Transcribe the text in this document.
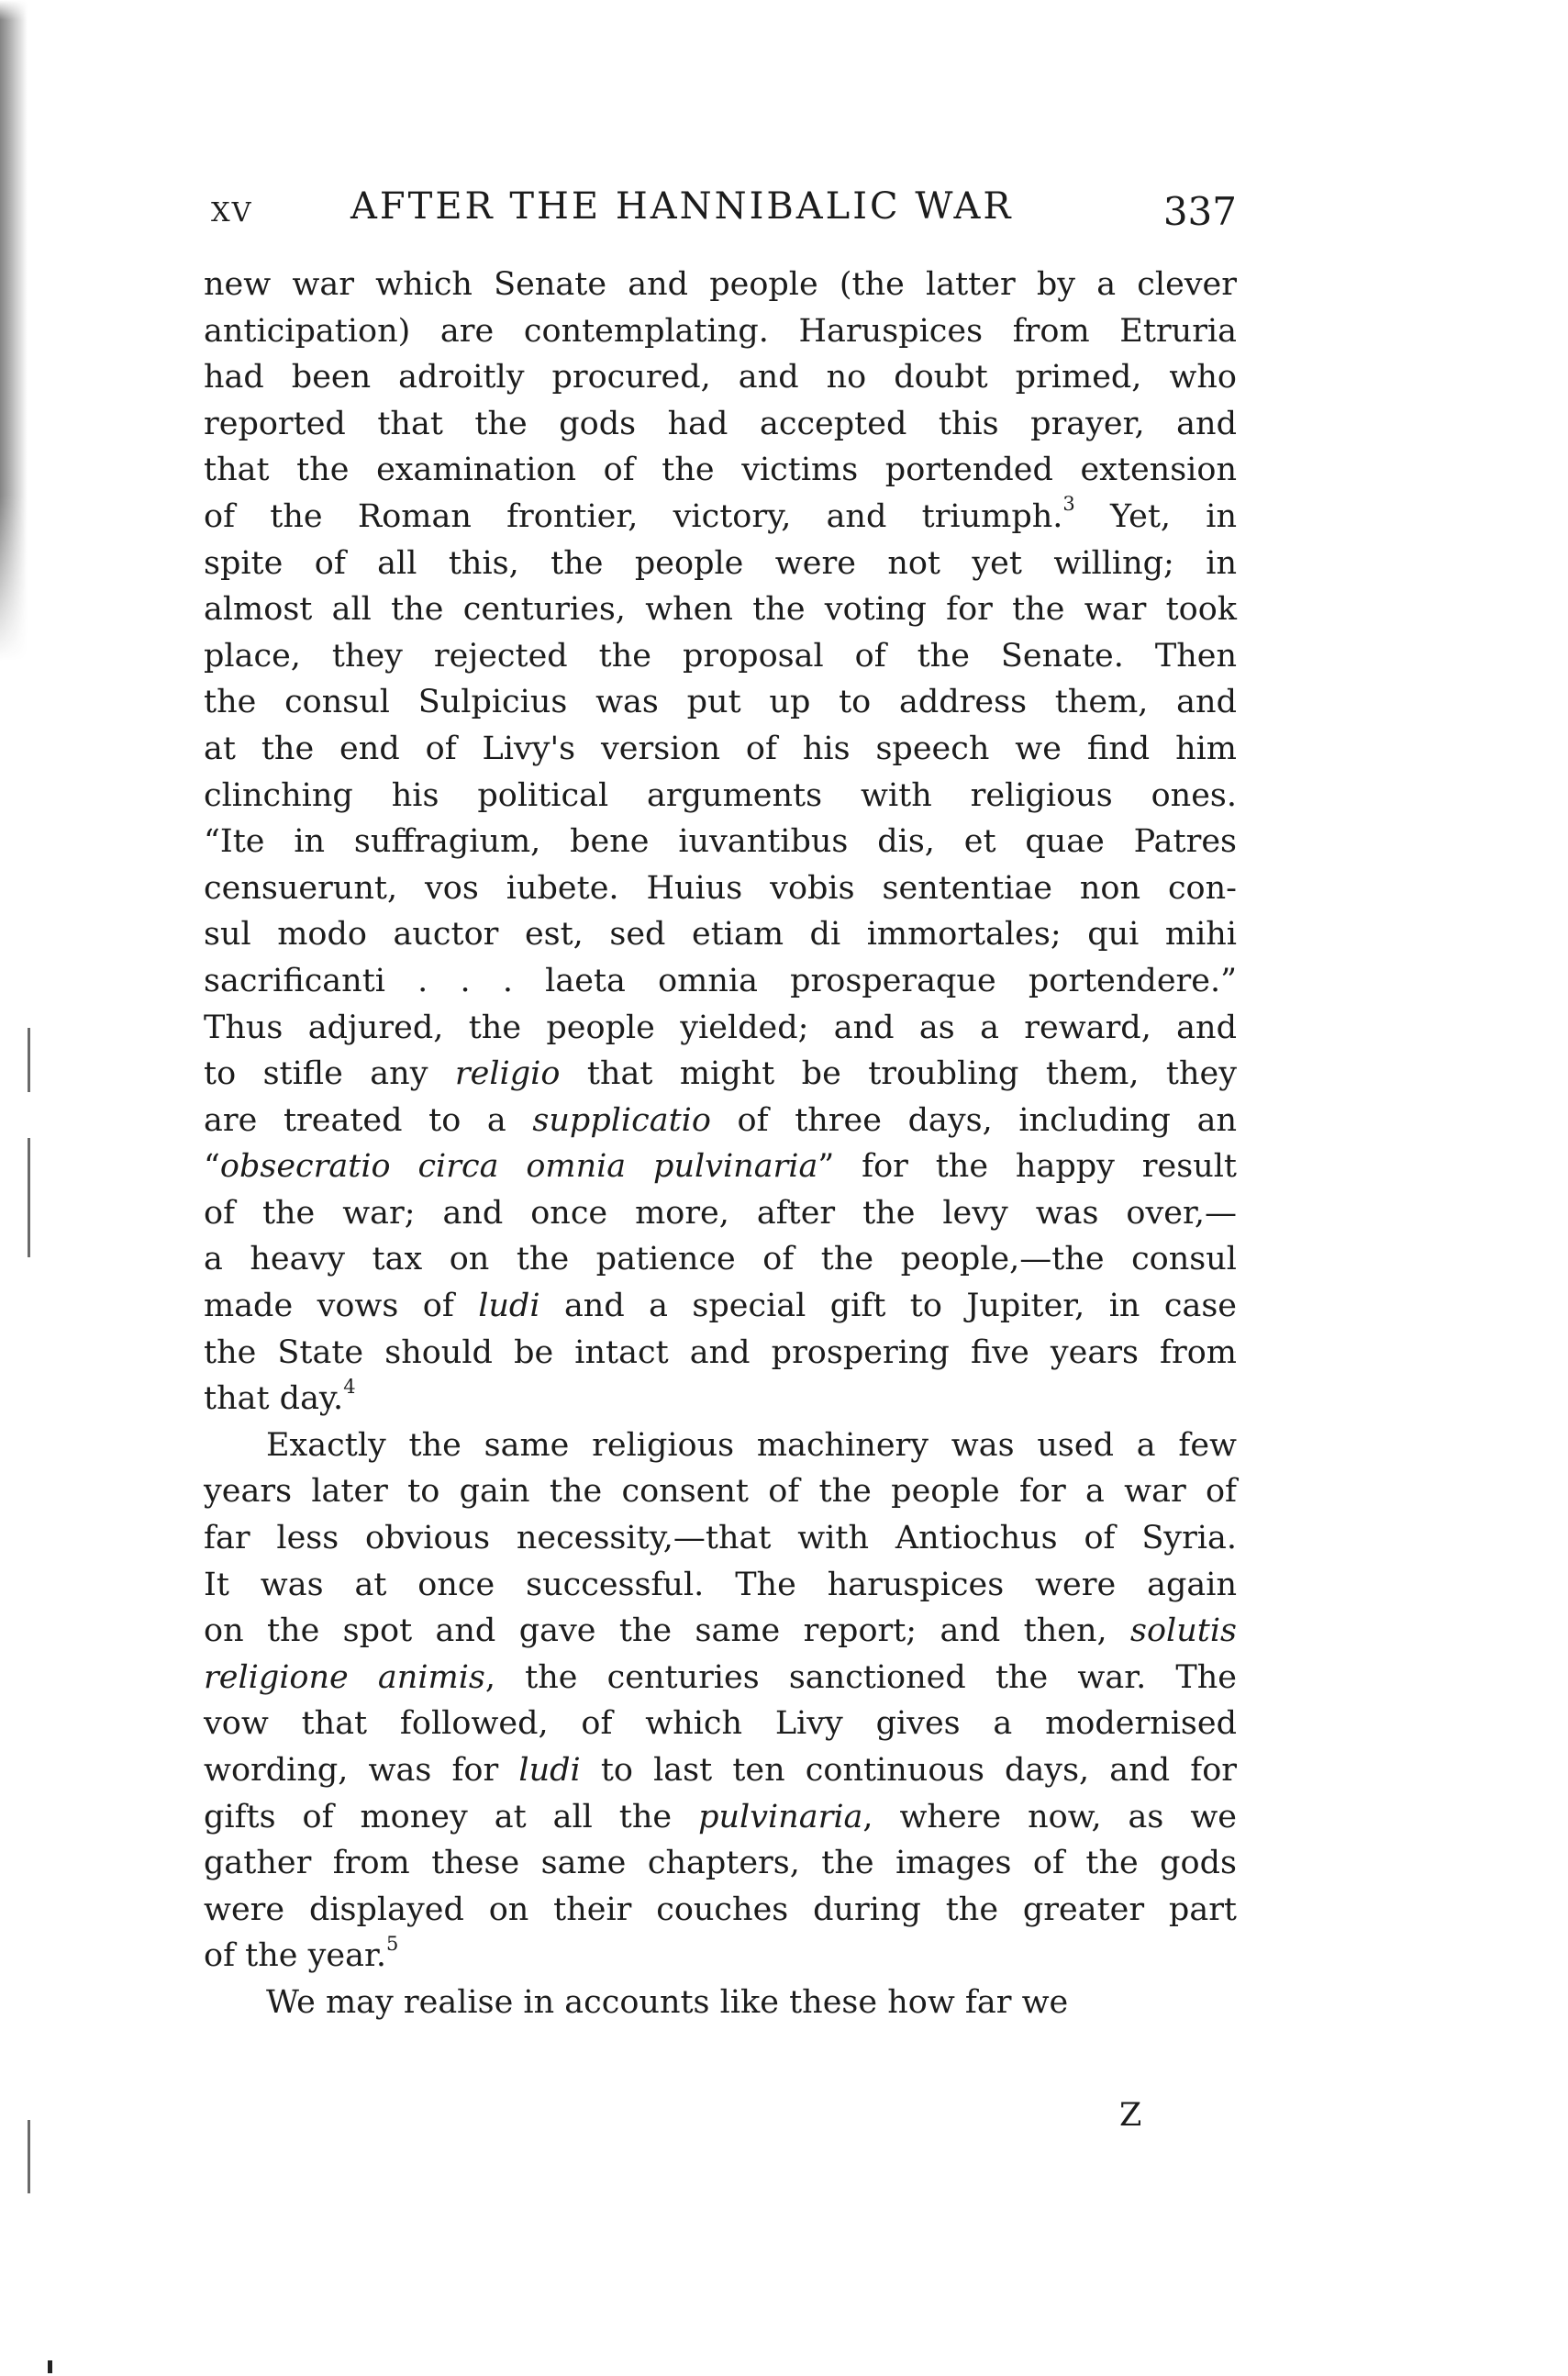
XV	AFTER THE HANNIBALIC WAR	337

new war which Senate and people (the latter by a clever

anticipation) are contemplating. Haruspices from Etruria

had been adroitly procured, and no doubt primed, who

reported that the gods had accepted this prayer, and

that the examination of the victims portended extension

of the Roman frontier, victory, and triumph.$^3$ Yet, in

spite of all this, the people were not yet willing; in

almost all the centuries, when the voting for the war took

place, they rejected the proposal of the Senate. Then

the consul Sulpicius was put up to address them, and

at the end of Livy's version of his speech we find him

clinching his political arguments with religious ones.

“Ite in suffragium, bene iuvantibus dis, et quae Patres

censuerunt, vos iubete. Huius vobis sententiae non con-

sul modo auctor est, sed etiam di immortales; qui mihi

sacrificanti . . . laeta omnia prosperaque portendere.”

Thus adjured, the people yielded; and as a reward, and

to stifle any religio that might be troubling them, they

are treated to a supplicatio of three days, including an

“obsecratio circa omnia pulvinaria” for the happy result

of the war; and once more, after the levy was over,—

a heavy tax on the patience of the people,—the consul

made vows of ludi and a special gift to Jupiter, in case

the State should be intact and prospering five years from

that day.$^4$

Exactly the same religious machinery was used a few

years later to gain the consent of the people for a war of

far less obvious necessity,—that with Antiochus of Syria.

It was at once successful. The haruspices were again

on the spot and gave the same report; and then, solutis

religione animis, the centuries sanctioned the war. The

vow that followed, of which Livy gives a modernised

wording, was for ludi to last ten continuous days, and for

gifts of money at all the pulvinaria, where now, as we

gather from these same chapters, the images of the gods

were displayed on their couches during the greater part

of the year.$^5$

We may realise in accounts like these how far we

Z
